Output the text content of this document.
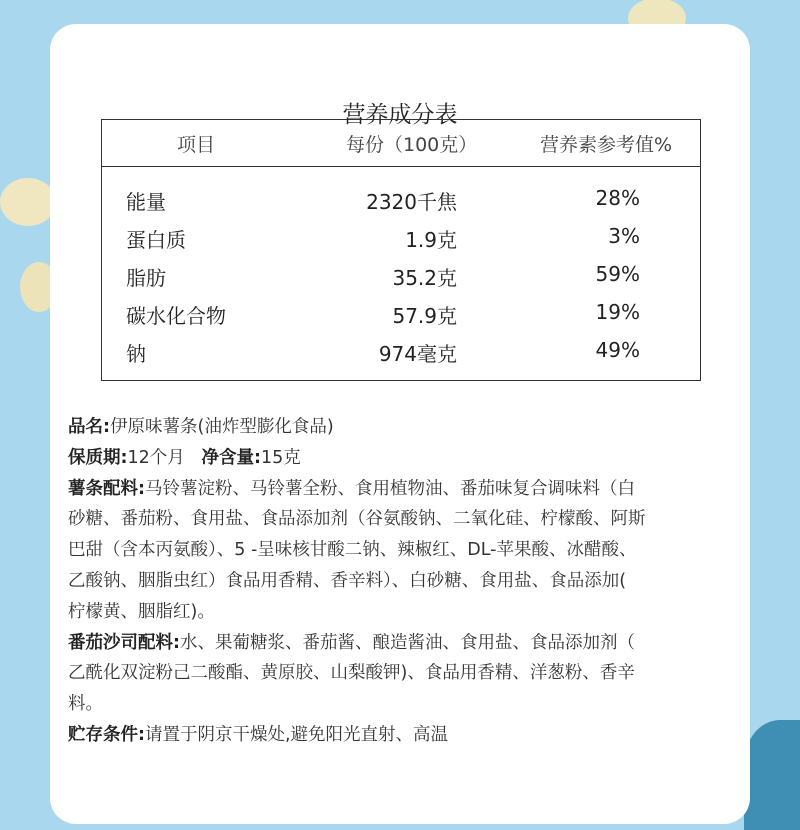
营养成分表
项目	每份（100克）	营养素参考值%
能量	2320千焦	28%
蛋白质	1.9克	3%
脂肪	35.2克	59%
碳水化合物	57.9克	19%
钠	974毫克	49%
品名:伊原味薯条(油炸型膨化食品)
保质期:12个月 净含量:15克
薯条配料:马铃薯淀粉、马铃薯全粉、食用植物油、番茄味复合调味料（白
砂糖、番茄粉、食用盐、食品添加剂（谷氨酸钠、二氧化硅、柠檬酸、阿斯
巴甜（含本丙氨酸）、5 -呈味核甘酸二钠、辣椒红、DL-苹果酸、冰醋酸、
乙酸钠、胭脂虫红）食品用香精、香辛料）、白砂糖、食用盐、食品添加(
柠檬黄、胭脂红)。
番茄沙司配料:水、果葡糖浆、番茄酱、酿造酱油、食用盐、食品添加剂（
乙酰化双淀粉己二酸酯、黄原胶、山梨酸钾)、食品用香精、洋葱粉、香辛
料。
贮存条件:请置于阴京干燥处,避免阳光直射、高温
